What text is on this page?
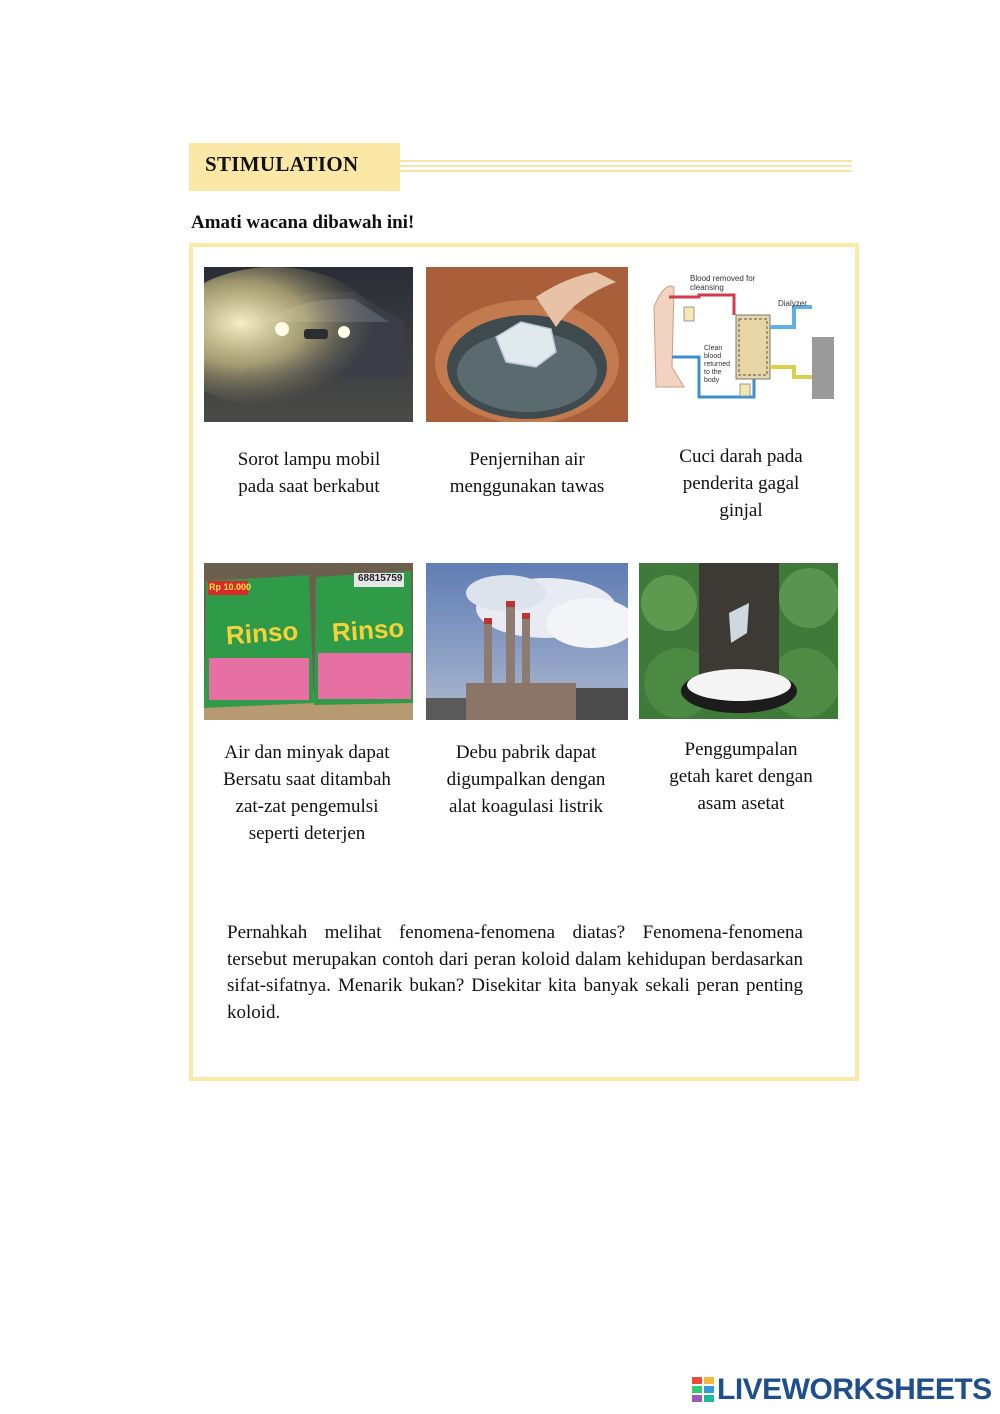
STIMULATION
Amati wacana dibawah ini!
Blood removed for
cleansing
Dialyzer
Clean
blood
returned
to the
body
Rp 10.000
68815759
Rinso Rinso
Sorot lampu mobil
pada saat berkabut
Penjernihan air
menggunakan tawas
Cuci darah pada
penderita gagal
ginjal
Air dan minyak dapat
Bersatu saat ditambah
zat-zat pengemulsi
seperti deterjen
Debu pabrik dapat
digumpalkan dengan
alat koagulasi listrik
Penggumpalan
getah karet dengan
asam asetat
Pernahkah melihat fenomena-fenomena diatas? Fenomena-fenomena tersebut merupakan contoh dari peran koloid dalam kehidupan berdasarkan sifat-sifatnya. Menarik bukan? Disekitar kita banyak sekali peran penting koloid.
LIVEWORKSHEETS
